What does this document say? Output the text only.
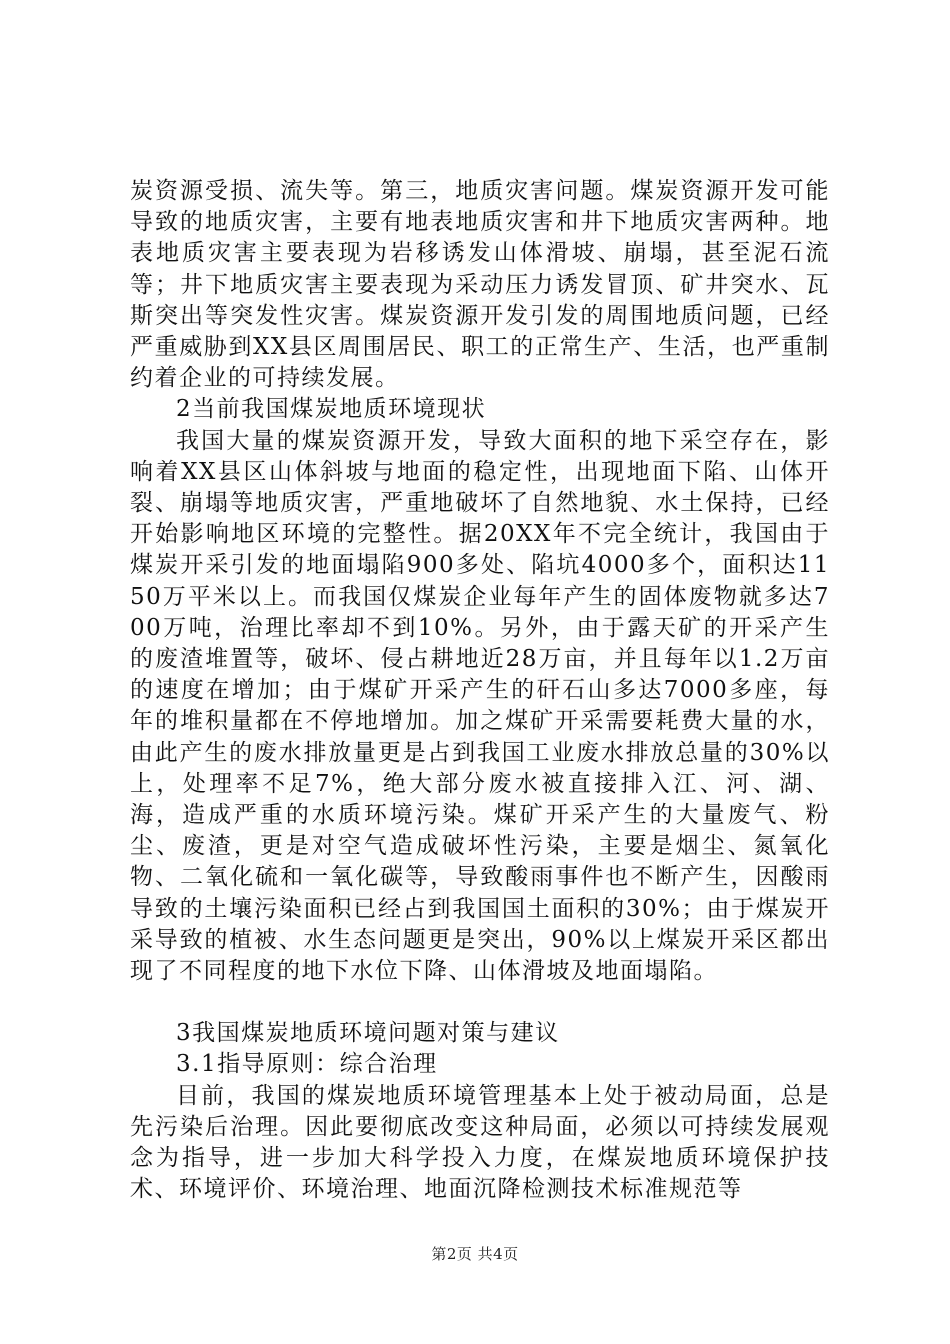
炭资源受损、流失等。第三，地质灾害问题。煤炭资源开发可能导致的地质灾害，主要有地表地质灾害和井下地质灾害两种。地表地质灾害主要表现为岩移诱发山体滑坡、崩塌，甚至泥石流等；井下地质灾害主要表现为采动压力诱发冒顶、矿井突水、瓦斯突出等突发性灾害。煤炭资源开发引发的周围地质问题，已经严重威胁到XX县区周围居民、职工的正常生产、生活，也严重制约着企业的可持续发展。

2当前我国煤炭地质环境现状

我国大量的煤炭资源开发，导致大面积的地下采空存在，影响着XX县区山体斜坡与地面的稳定性，出现地面下陷、山体开裂、崩塌等地质灾害，严重地破坏了自然地貌、水土保持，已经开始影响地区环境的完整性。据20XX年不完全统计，我国由于煤炭开采引发的地面塌陷900多处、陷坑4000多个，面积达1150万平米以上。而我国仅煤炭企业每年产生的固体废物就多达700万吨，治理比率却不到10%。另外，由于露天矿的开采产生的废渣堆置等，破坏、侵占耕地近28万亩，并且每年以1.2万亩的速度在增加；由于煤矿开采产生的矸石山多达7000多座，每年的堆积量都在不停地增加。加之煤矿开采需要耗费大量的水，由此产生的废水排放量更是占到我国工业废水排放总量的30%以上，处理率不足7%，绝大部分废水被直接排入江、河、湖、海，造成严重的水质环境污染。煤矿开采产生的大量废气、粉尘、废渣，更是对空气造成破坏性污染，主要是烟尘、氮氧化物、二氧化硫和一氧化碳等，导致酸雨事件也不断产生，因酸雨导致的土壤污染面积已经占到我国国土面积的30%；由于煤炭开采导致的植被、水生态问题更是突出，90%以上煤炭开采区都出现了不同程度的地下水位下降、山体滑坡及地面塌陷。

3我国煤炭地质环境问题对策与建议

3.1指导原则：综合治理

目前，我国的煤炭地质环境管理基本上处于被动局面，总是先污染后治理。因此要彻底改变这种局面，必须以可持续发展观念为指导，进一步加大科学投入力度，在煤炭地质环境保护技术、环境评价、环境治理、地面沉降检测技术标准规范等

第2页 共4页
